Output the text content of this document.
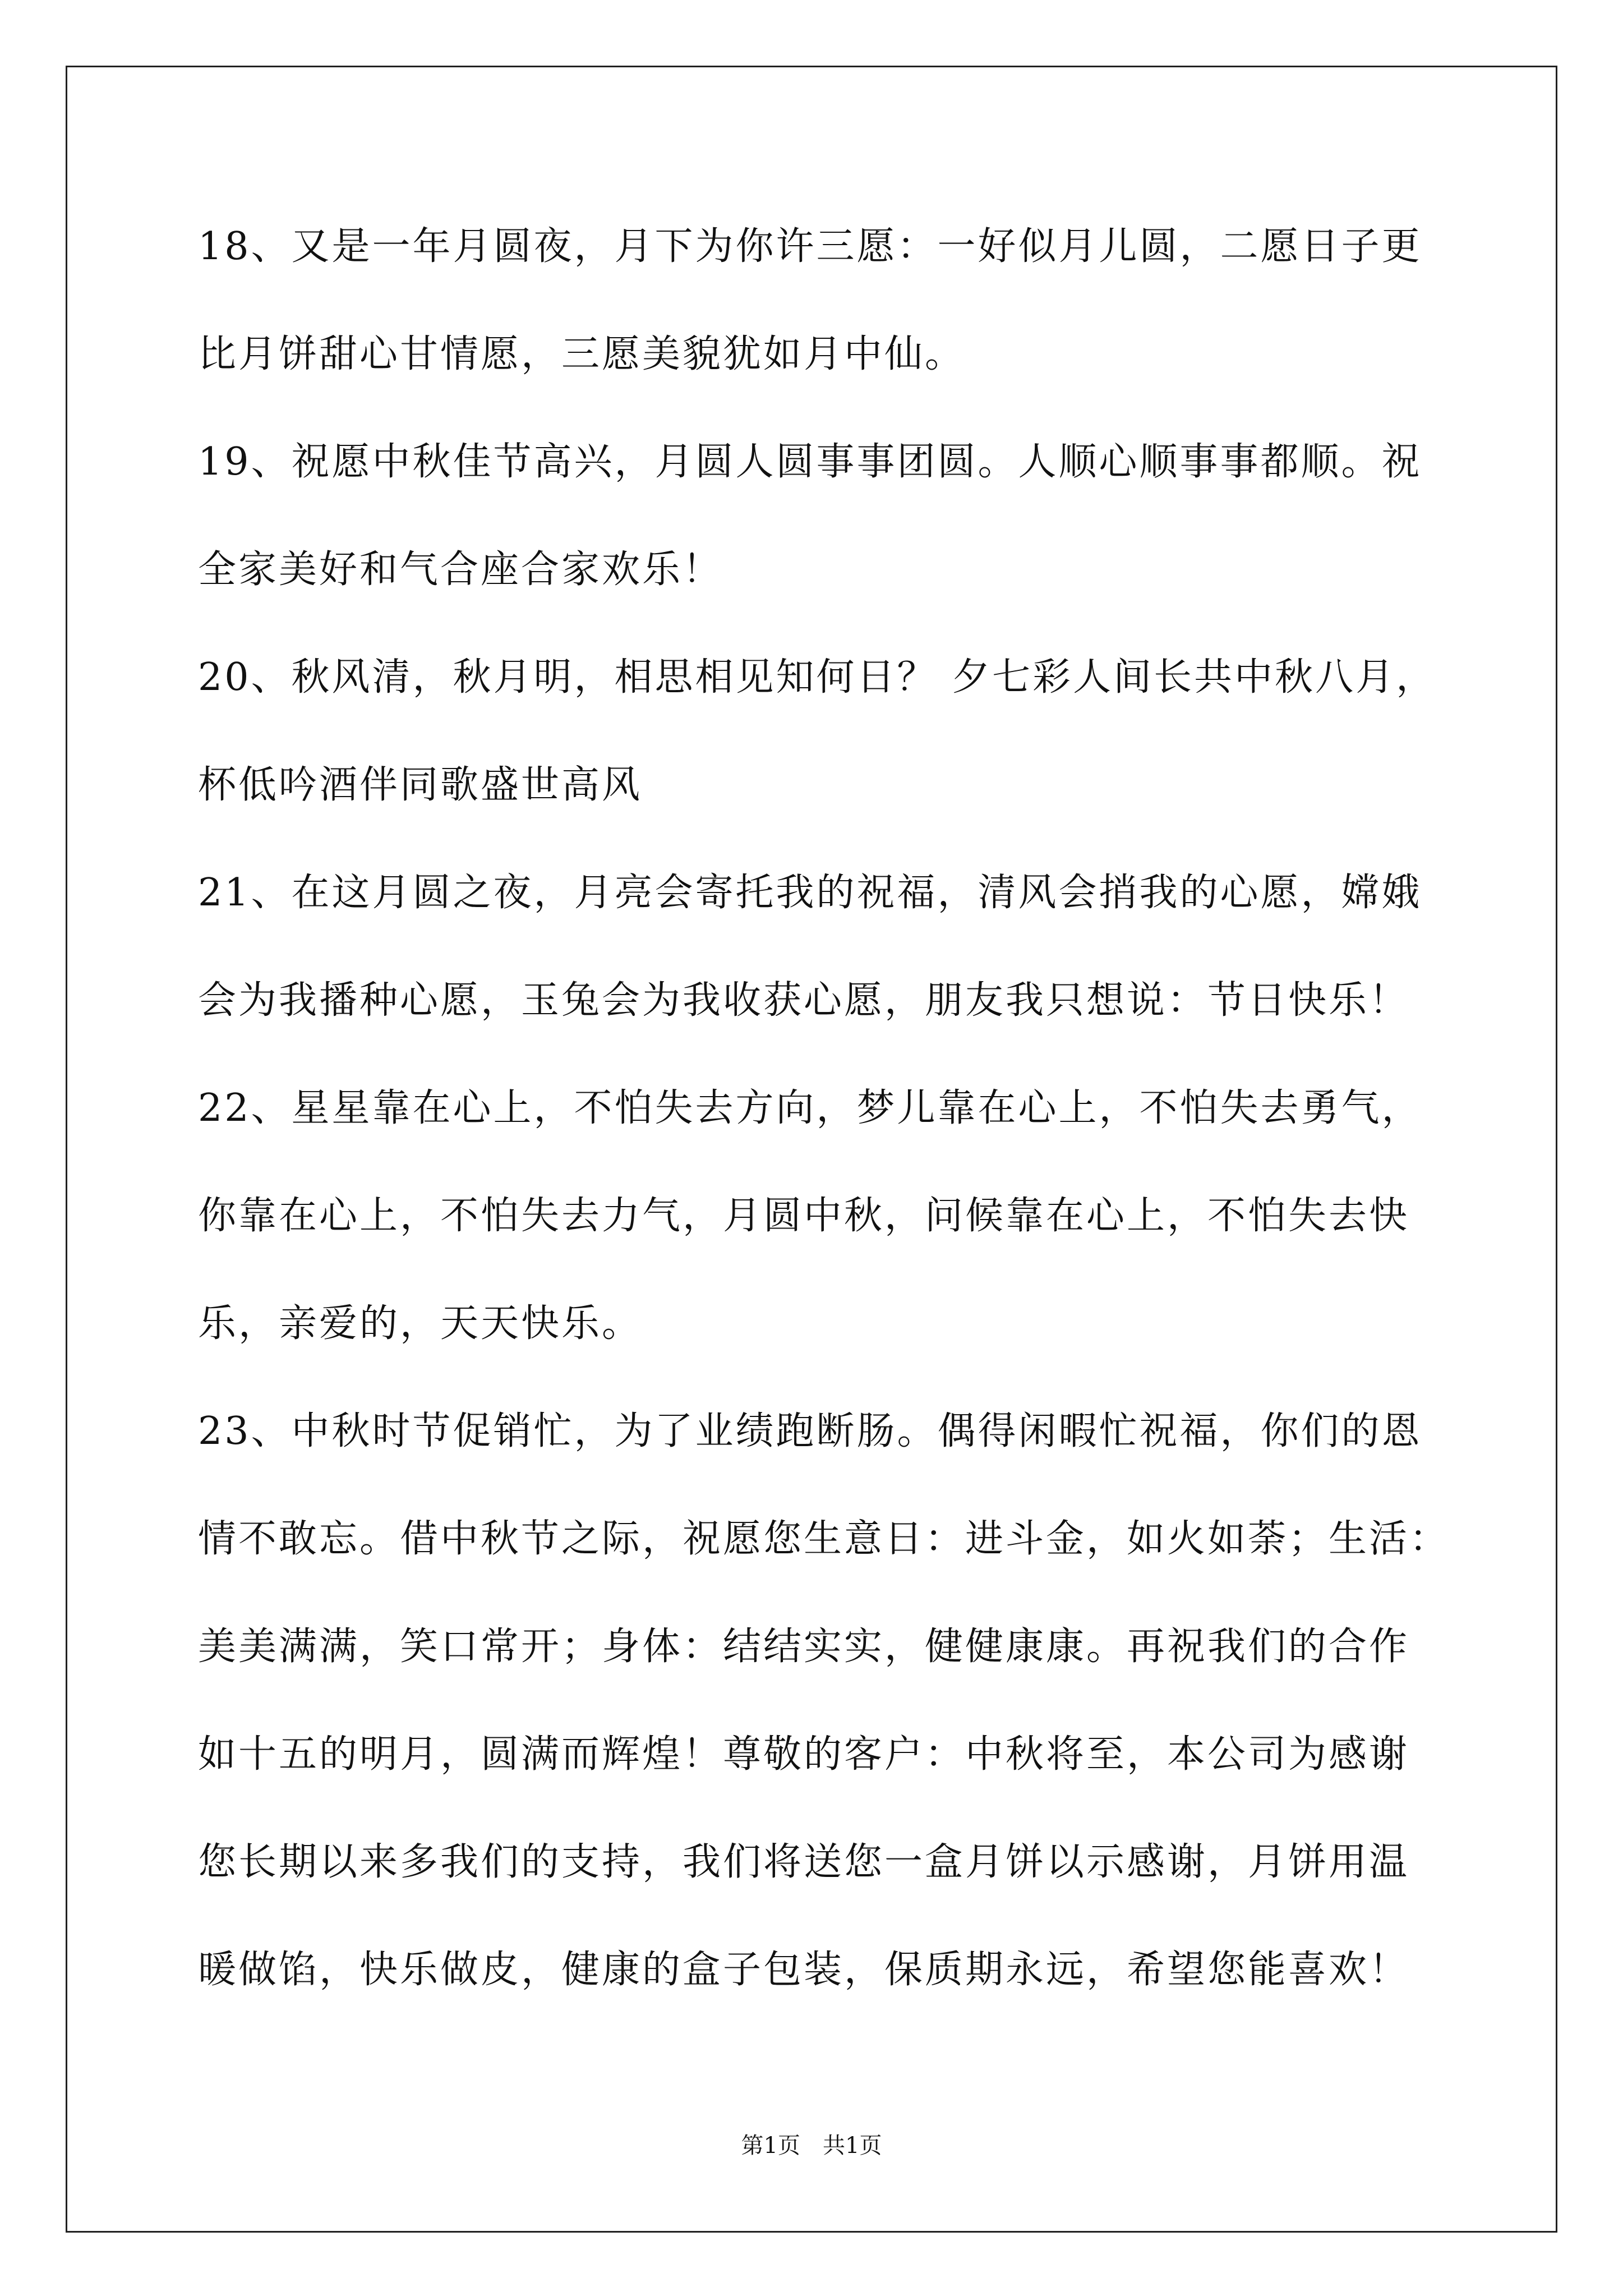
18、又是一年月圆夜，月下为你许三愿：一好似月儿圆，二愿日子更
比月饼甜心甘情愿，三愿美貌犹如月中仙。
19、祝愿中秋佳节高兴，月圆人圆事事团圆。人顺心顺事事都顺。祝
全家美好和气合座合家欢乐！
20、秋风清，秋月明，相思相见知何日？ 夕七彩人间长共中秋八月，
杯低吟酒伴同歌盛世高风
21、在这月圆之夜，月亮会寄托我的祝福，清风会捎我的心愿，嫦娥
会为我播种心愿，玉兔会为我收获心愿，朋友我只想说：节日快乐！
22、星星靠在心上，不怕失去方向，梦儿靠在心上，不怕失去勇气，
你靠在心上，不怕失去力气，月圆中秋，问候靠在心上，不怕失去快
乐，亲爱的，天天快乐。
23、中秋时节促销忙，为了业绩跑断肠。偶得闲暇忙祝福，你们的恩
情不敢忘。借中秋节之际，祝愿您生意日：进斗金，如火如荼；生活：
美美满满，笑口常开；身体：结结实实，健健康康。再祝我们的合作
如十五的明月，圆满而辉煌！尊敬的客户：中秋将至，本公司为感谢
您长期以来多我们的支持，我们将送您一盒月饼以示感谢，月饼用温
暖做馅，快乐做皮，健康的盒子包装，保质期永远，希望您能喜欢！
第1页　共1页
